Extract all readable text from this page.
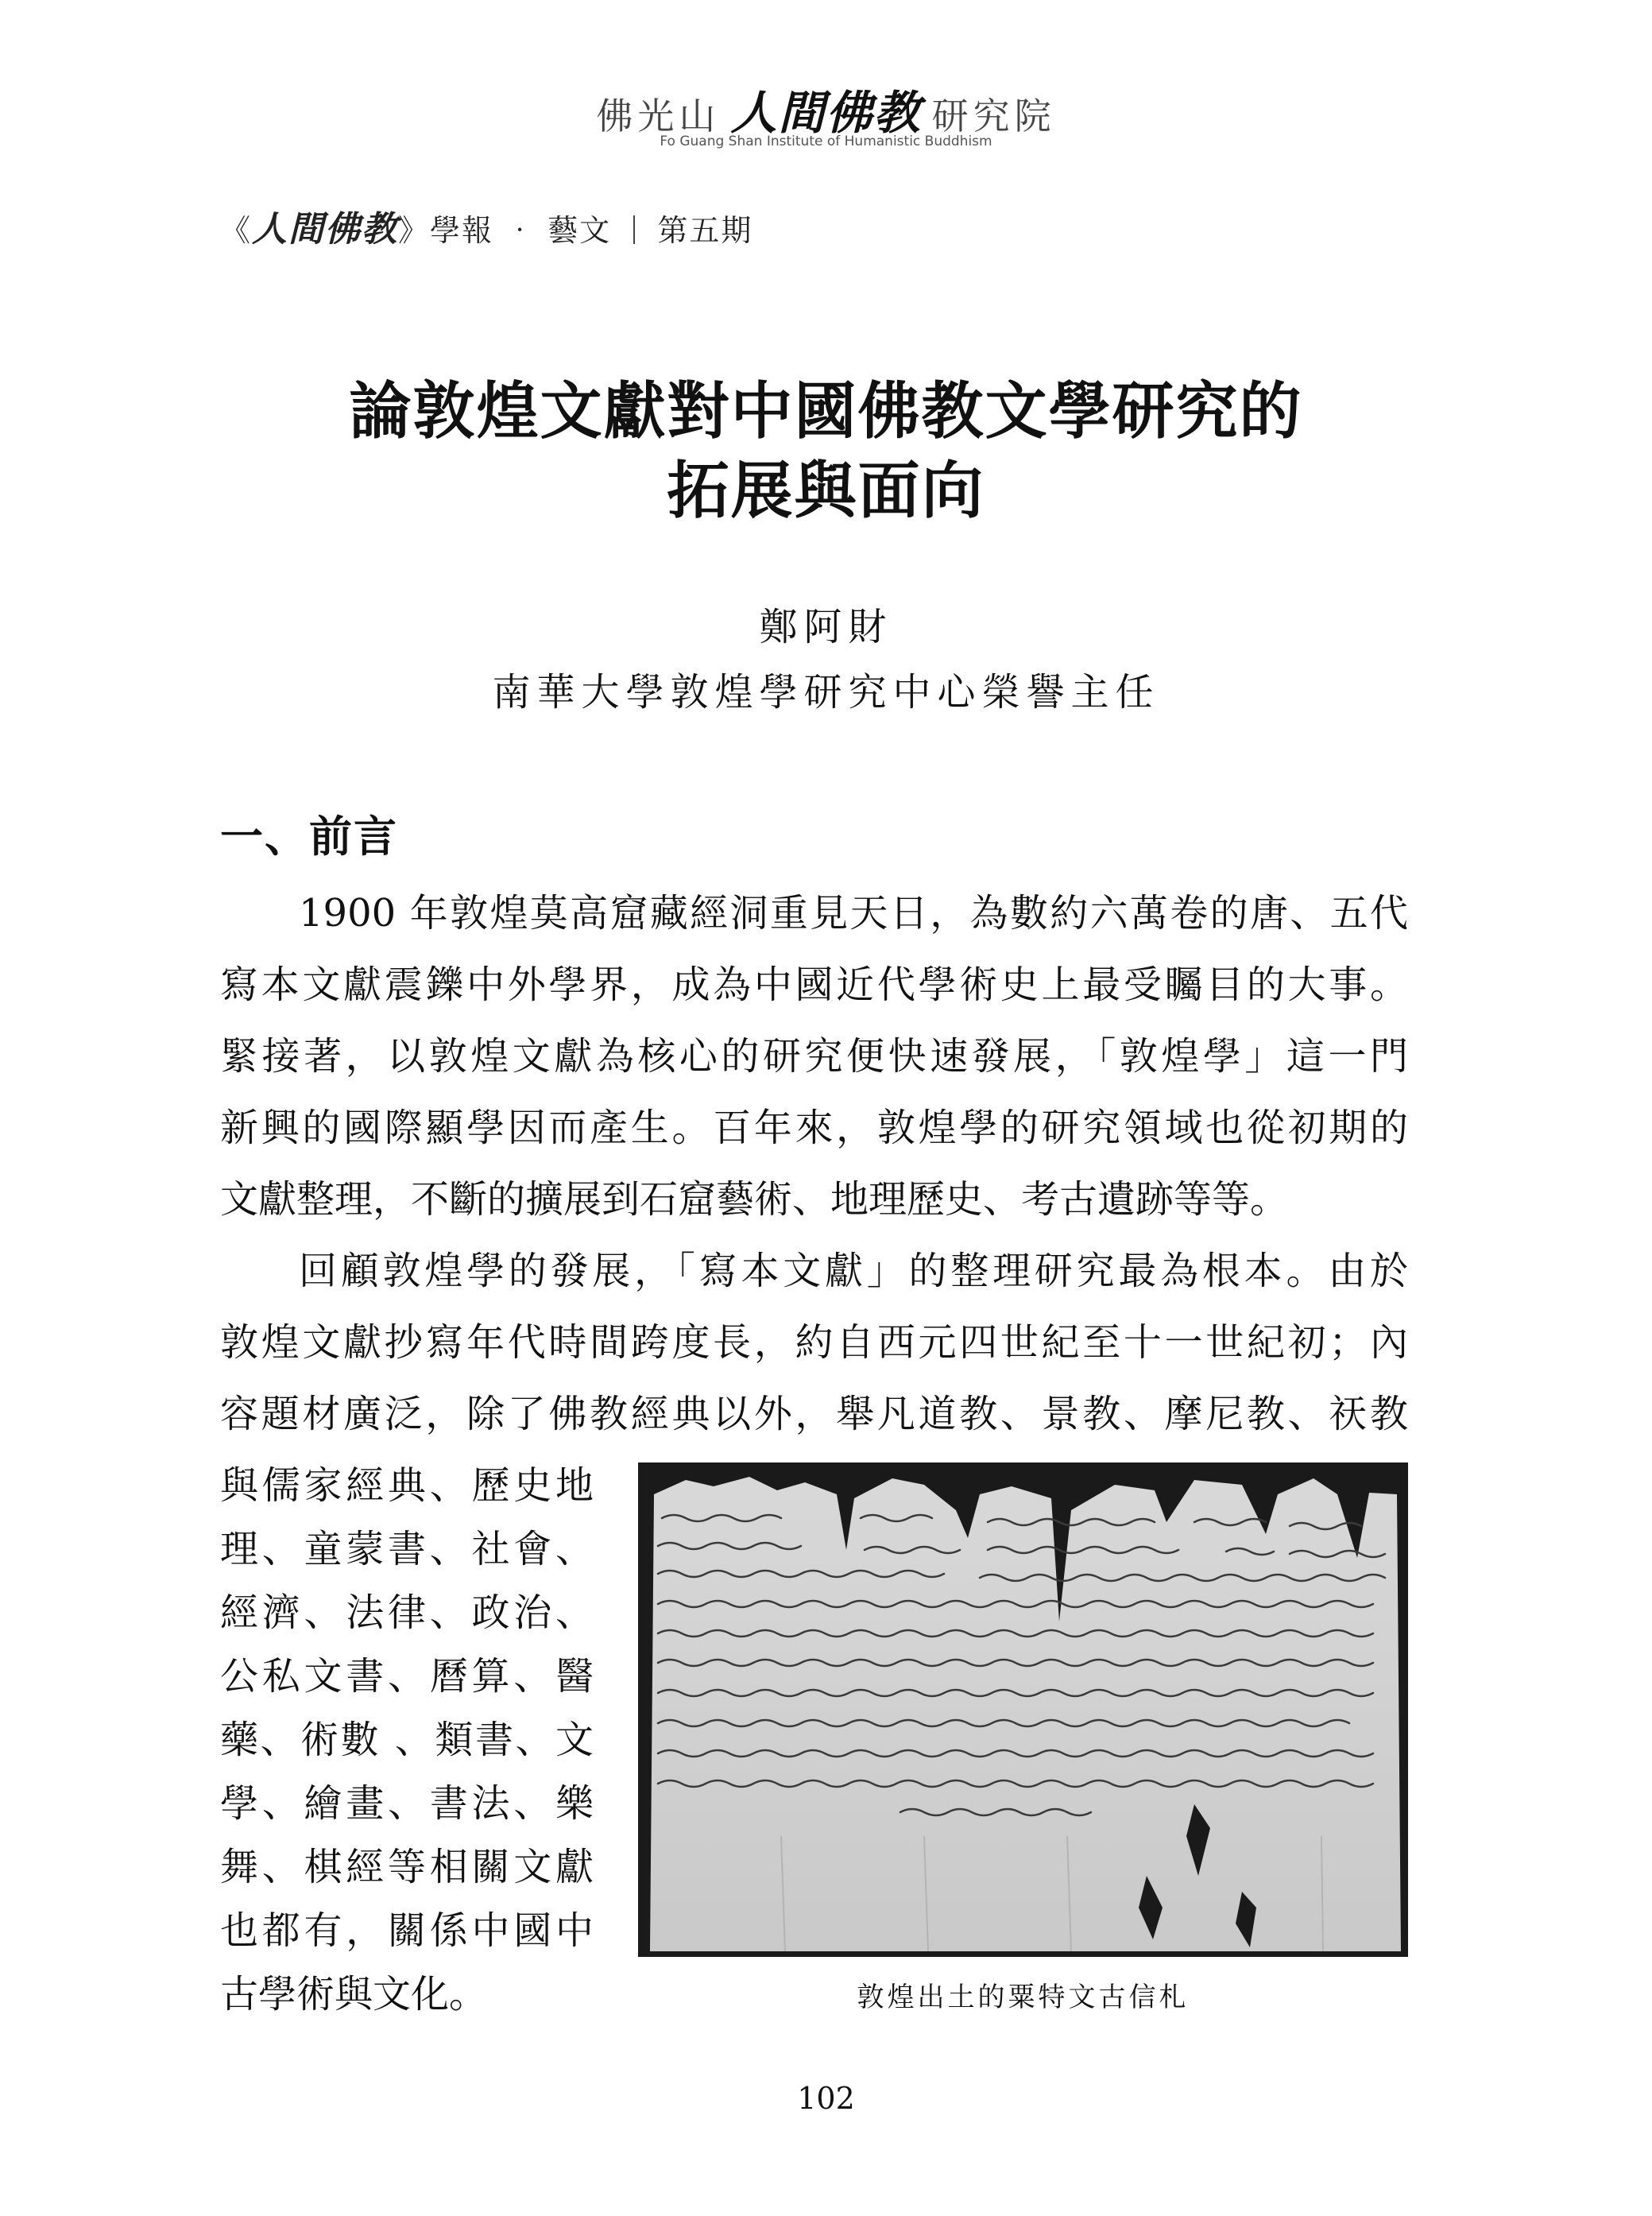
佛光山 人間佛教 研究院
Fo Guang Shan Institute of Humanistic Buddhism
《人間佛教》學報 ‧ 藝文 第五期
論敦煌文獻對中國佛教文學研究的
拓展與面向
鄭阿財
南華大學敦煌學研究中心榮譽主任
一、前言
1900 年敦煌莫高窟藏經洞重見天日，為數約六萬卷的唐、五代
寫本文獻震鑠中外學界，成為中國近代學術史上最受矚目的大事。
緊接著，以敦煌文獻為核心的研究便快速發展，「敦煌學」這一門
新興的國際顯學因而產生。百年來，敦煌學的研究領域也從初期的
文獻整理，不斷的擴展到石窟藝術、地理歷史、考古遺跡等等。
回顧敦煌學的發展，「寫本文獻」的整理研究最為根本。由於
敦煌文獻抄寫年代時間跨度長，約自西元四世紀至十一世紀初；內
容題材廣泛，除了佛教經典以外，舉凡道教、景教、摩尼教、祆教
與儒家經典、歷史地
理、童蒙書、社會、
經濟、法律、政治、
公私文書、曆算、醫
藥、術數 、類書、文
學、繪畫、書法、樂
舞、棋經等相關文獻
也都有，關係中國中
古學術與文化。	敦煌出土的粟特文古信札
102
